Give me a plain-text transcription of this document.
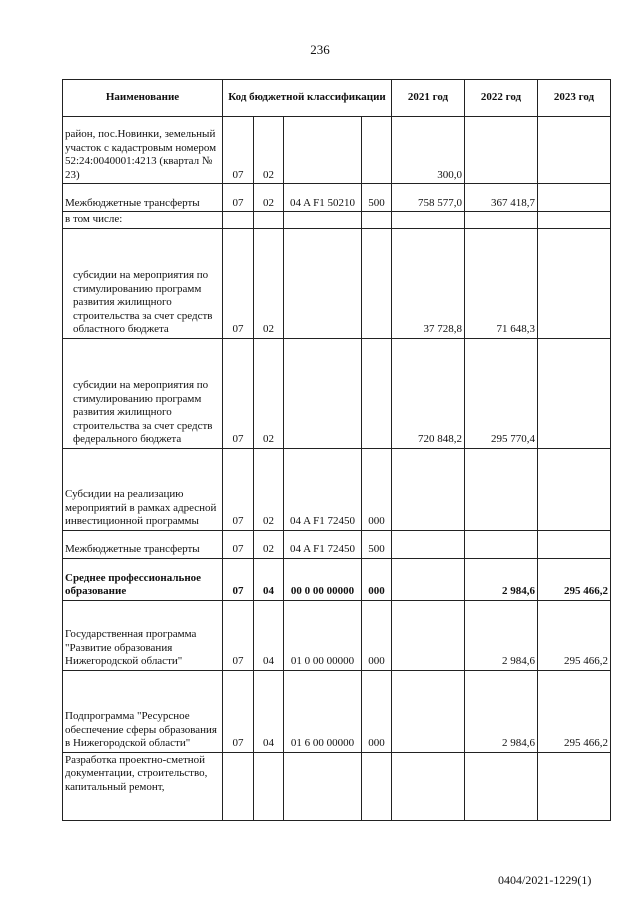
236
Наименование	Код бюджетной классификации				2021 год	2022 год	2023 год
район, пос.Новинки, земельный участок с кадастровым номером 52:24:0040001:4213 (квартал № 23)	07	02			300,0		
Межбюджетные трансферты	07	02	04 A F1 50210	500	758 577,0	367 418,7	
в том числе:							
субсидии на мероприятия по стимулированию программ развития жилищного строительства за счет средств областного бюджета	07	02			37 728,8	71 648,3	
субсидии на мероприятия по стимулированию программ развития жилищного строительства за счет средств федерального бюджета	07	02			720 848,2	295 770,4	
Субсидии на реализацию мероприятий в рамках адресной инвестиционной программы	07	02	04 A F1 72450	000			
Межбюджетные трансферты	07	02	04 A F1 72450	500			
Среднее профессиональное образование	07	04	00 0 00 00000	000		2 984,6	295 466,2
Государственная программа "Развитие образования Нижегородской области"	07	04	01 0 00 00000	000		2 984,6	295 466,2
Подпрограмма "Ресурсное обеспечение сферы образования в Нижегородской области"	07	04	01 6 00 00000	000		2 984,6	295 466,2
Разработка проектно-сметной документации, строительство, капитальный ремонт,							
0404/2021-1229(1)
